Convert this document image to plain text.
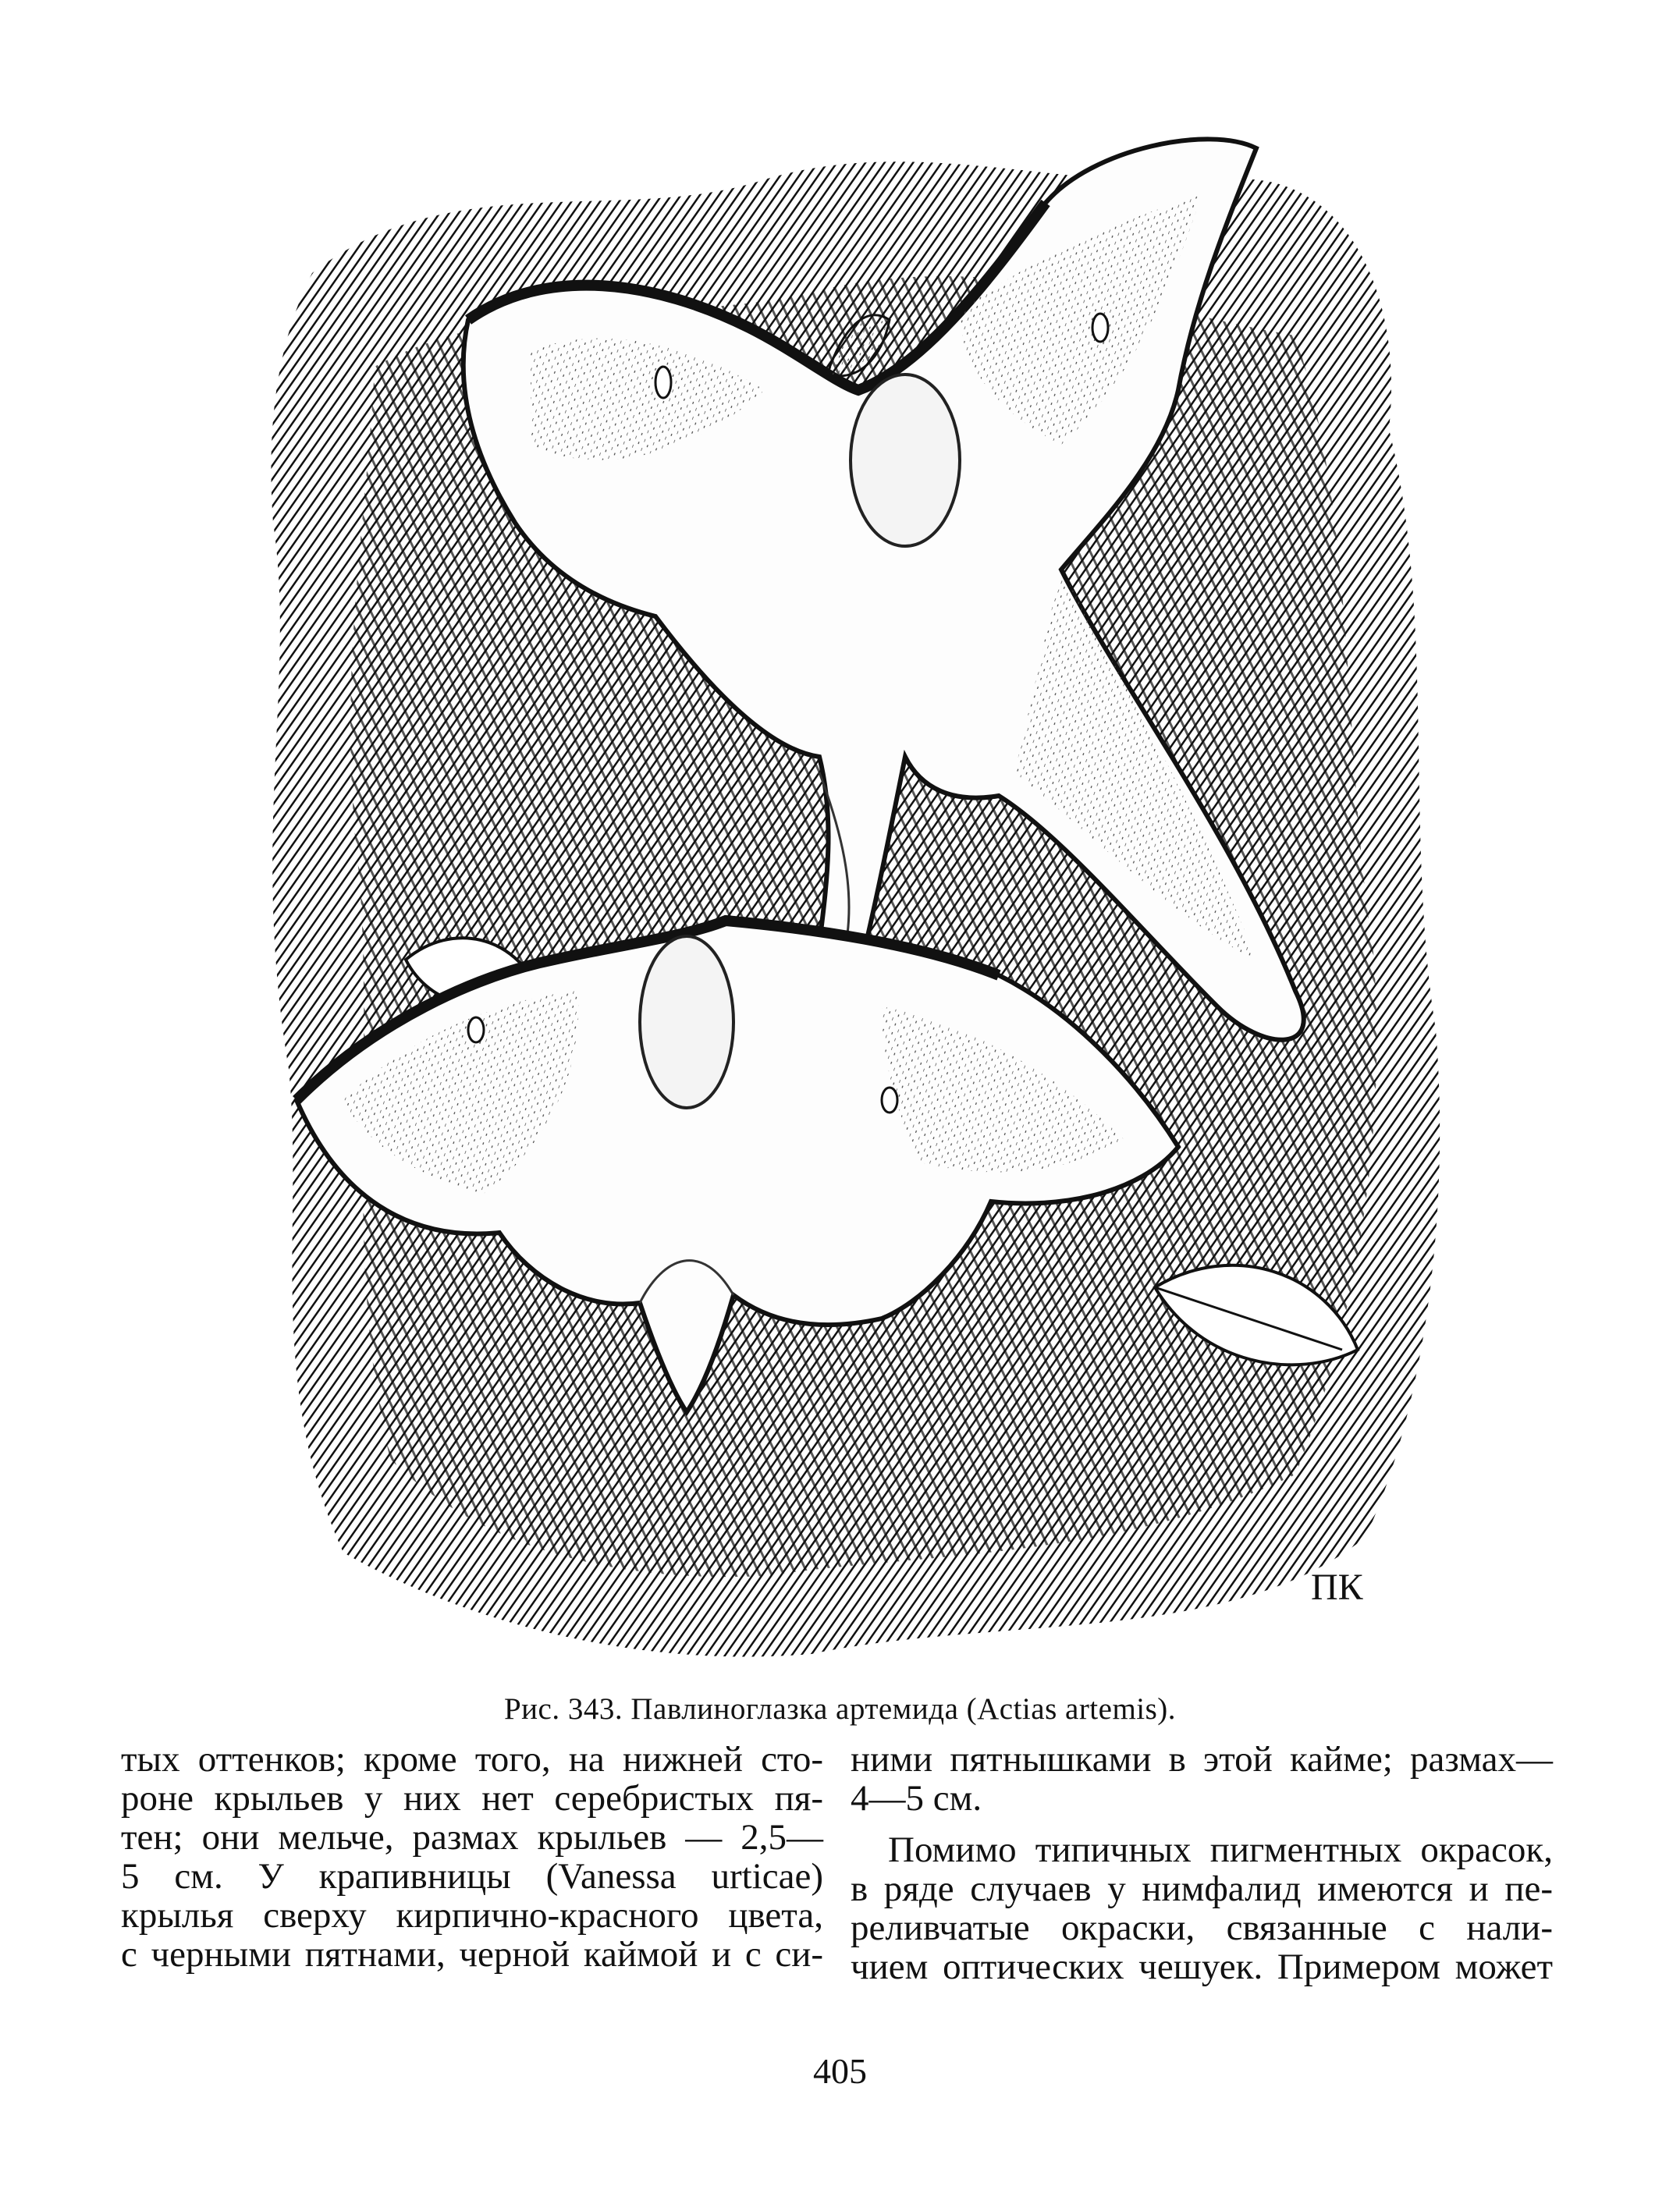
ПК
Рис. 343. Павлиноглазка артемида (Actias artemis).
тых оттенков; кроме того, на нижней сто-
роне крыльев у них нет серебристых пя-
тен; они мельче, размах крыльев — 2,5—
5 см. У крапивницы (Vanessa urticae)
крылья сверху кирпично-красного цвета,
с черными пятнами, черной каймой и с си-
ними пятнышками в этой кайме; размах—
4—5 см.
Помимо типичных пигментных окрасок,
в ряде случаев у нимфалид имеются и пе-
реливчатые окраски, связанные с нали-
чием оптических чешуек. Примером может
405
